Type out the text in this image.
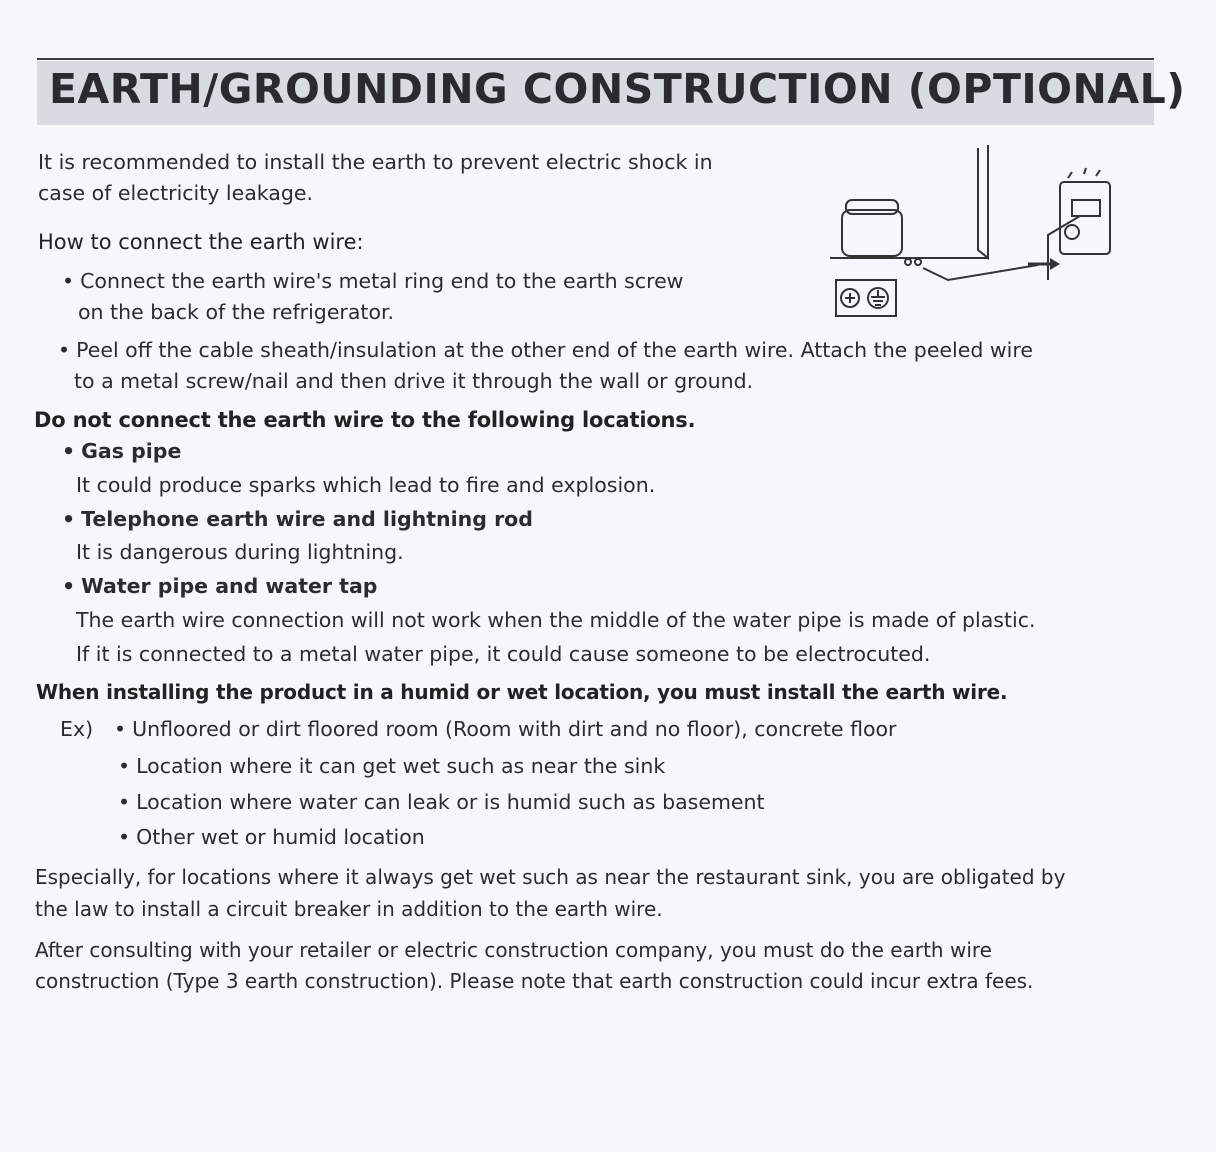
EARTH/GROUNDING CONSTRUCTION (OPTIONAL)
It is recommended to install the earth to prevent electric shock in
case of electricity leakage.
How to connect the earth wire:
• Connect the earth wire's metal ring end to the earth screw
on the back of the refrigerator.
• Peel off the cable sheath/insulation at the other end of the earth wire. Attach the peeled wire
to a metal screw/nail and then drive it through the wall or ground.
Do not connect the earth wire to the following locations.
• Gas pipe
It could produce sparks which lead to fire and explosion.
• Telephone earth wire and lightning rod
It is dangerous during lightning.
• Water pipe and water tap
The earth wire connection will not work when the middle of the water pipe is made of plastic.
If it is connected to a metal water pipe, it could cause someone to be electrocuted.
When installing the product in a humid or wet location, you must install the earth wire.
Ex)
•	Unfloored or dirt floored room (Room with dirt and no floor), concrete floor
• Location where it can get wet such as near the sink
• Location where water can leak or is humid such as basement
• Other wet or humid location
Especially, for locations where it always get wet such as near the restaurant sink, you are obligated by
the law to install a circuit breaker in addition to the earth wire.
After consulting with your retailer or electric construction company, you must do the earth wire
construction (Type 3 earth construction). Please note that earth construction could incur extra fees.
